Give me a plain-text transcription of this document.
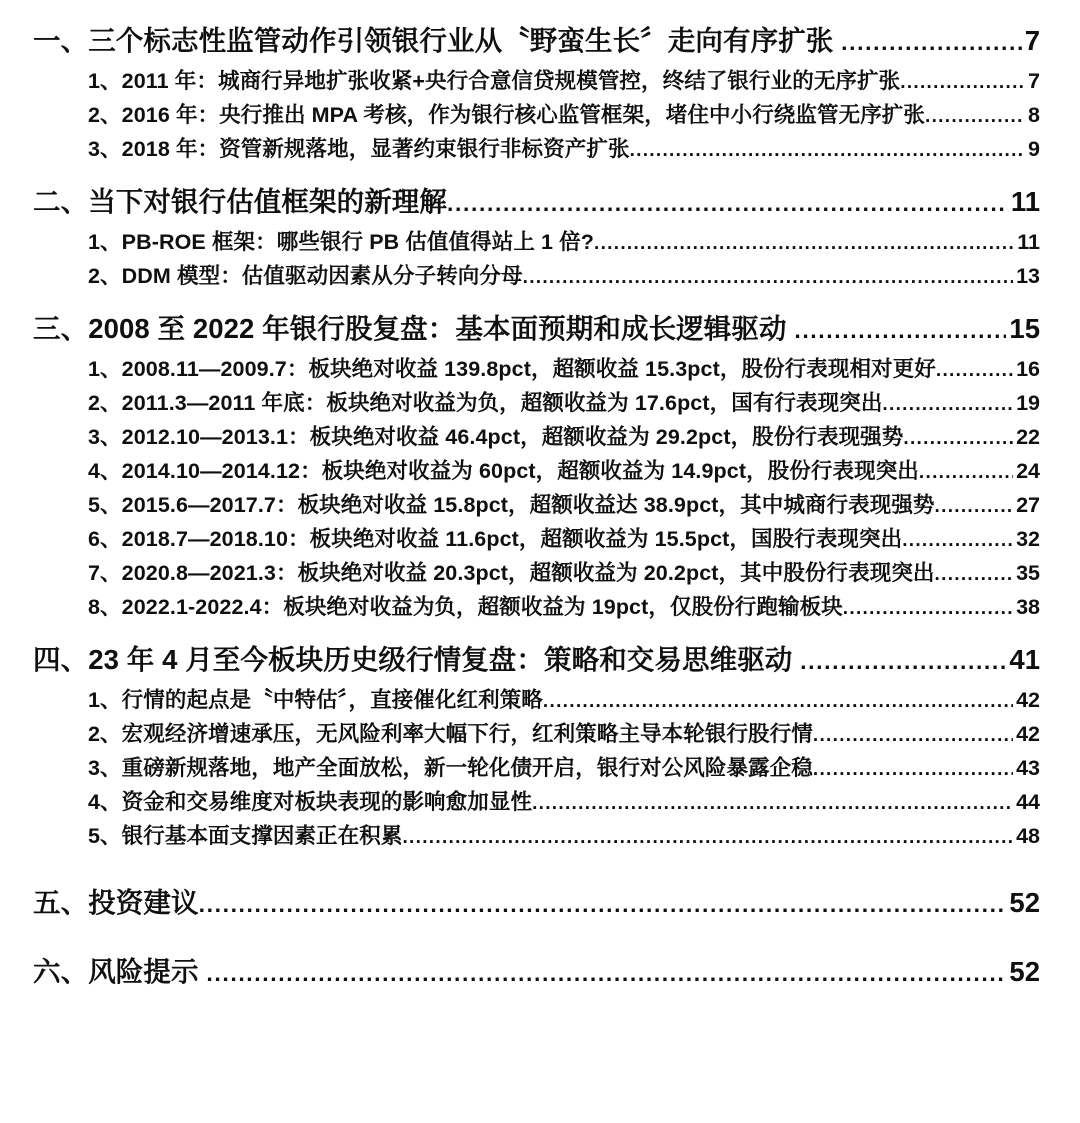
一、三个标志性监管动作引领银行业从〝野蛮生长〞走向有序扩张 .....	7
1、2011 年：城商行异地扩张收紧+央行合意信贷规模管控，终结了银行业的无序扩张 .....	7
2、2016 年：央行推出 MPA 考核，作为银行核心监管框架，堵住中小行绕监管无序扩张 .....	8
3、2018 年：资管新规落地，显著约束银行非标资产扩张 .....	9
二、当下对银行估值框架的新理解 .....	11
1、PB-ROE 框架：哪些银行 PB 估值值得站上 1 倍? .....	11
2、DDM 模型：估值驱动因素从分子转向分母 .....	13
三、2008 至 2022 年银行股复盘：基本面预期和成长逻辑驱动 .....	15
1、2008.11—2009.7：板块绝对收益 139.8pct，超额收益 15.3pct，股份行表现相对更好 .....	16
2、2011.3—2011 年底：板块绝对收益为负，超额收益为 17.6pct，国有行表现突出 .....	19
3、2012.10—2013.1：板块绝对收益 46.4pct，超额收益为 29.2pct，股份行表现强势 .....	22
4、2014.10—2014.12：板块绝对收益为 60pct，超额收益为 14.9pct，股份行表现突出 .....	24
5、2015.6—2017.7：板块绝对收益 15.8pct，超额收益达 38.9pct，其中城商行表现强势 .....	27
6、2018.7—2018.10：板块绝对收益 11.6pct，超额收益为 15.5pct，国股行表现突出 .....	32
7、2020.8—2021.3：板块绝对收益 20.3pct，超额收益为 20.2pct，其中股份行表现突出 .....	35
8、2022.1-2022.4：板块绝对收益为负，超额收益为 19pct，仅股份行跑输板块 .....	38
四、23 年 4 月至今板块历史级行情复盘：策略和交易思维驱动 .....	41
1、行情的起点是〝中特估〞，直接催化红利策略 .....	42
2、宏观经济增速承压，无风险利率大幅下行，红利策略主导本轮银行股行情 .....	42
3、重磅新规落地，地产全面放松，新一轮化债开启，银行对公风险暴露企稳 .....	43
4、资金和交易维度对板块表现的影响愈加显性 .....	44
5、银行基本面支撑因素正在积累 .....	48
五、投资建议 .....	52
六、风险提示 .....	52
